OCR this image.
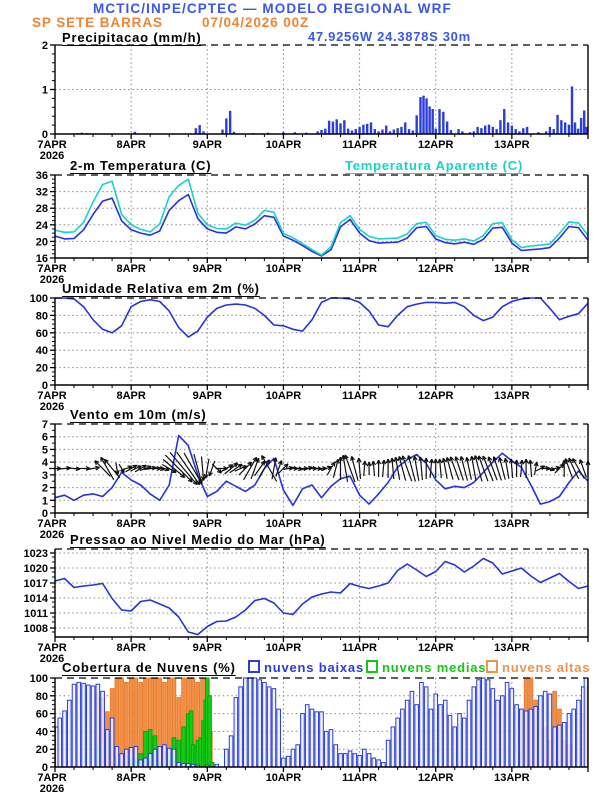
MCTIC/INPE/CPTEC — MODELO REGIONAL WRF
SP SETE BARRAS	07/04/2026 00Z
47.9256W 24.3878S 30m
Precipitacao (mm/h)
2-m Temperatura (C)	Temperatura Aparente (C)
Umidade Relativa em 2m (%)
Vento em 10m (m/s)
Pressao ao Nivel Medio do Mar (hPa)
Cobertura de Nuvens (%)	nuvens baixas	nuvens medias	nuvens altas
0
1
2
7APR
2026
8APR	9APR	10APR	11APR	12APR	13APR
16
20
24
28
32
36
7APR
2026
8APR	9APR	10APR	11APR	12APR	13APR
0
20
40
60
80
100
7APR
2026
8APR	9APR	10APR	11APR	12APR	13APR
0
1
2
3
4
5
6
7
7APR
2026
8APR	9APR	10APR	11APR	12APR	13APR
1008
1011
1014
1017
1020
1023
7APR
2026
8APR	9APR	10APR	11APR	12APR	13APR
0
20
40
60
80
100
7APR
2026
8APR	9APR	10APR	11APR	12APR	13APR
